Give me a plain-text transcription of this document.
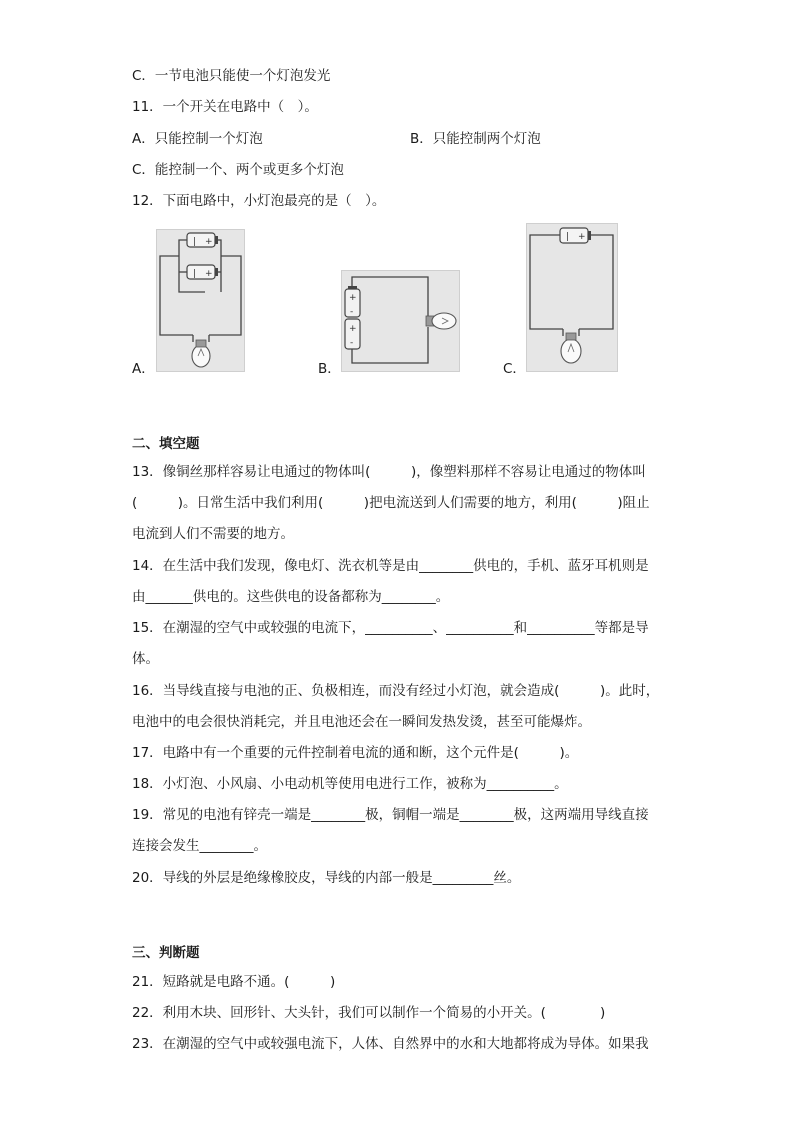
C．一节电池只能使一个灯泡发光
11．一个开关在电路中（　）。
A．只能控制一个灯泡	B．只能控制两个灯泡
C．能控制一个、两个或更多个灯泡
12．下面电路中，小灯泡最亮的是（　）。
A．
| +
| +
B．
+
-
+
-
C．
| +
二、填空题
13．像铜丝那样容易让电通过的物体叫(　　　)，像塑料那样不容易让电通过的物体叫
(　　　)。日常生活中我们利用(　　　)把电流送到人们需要的地方，利用(　　　)阻止
电流到人们不需要的地方。
14．在生活中我们发现，像电灯、洗衣机等是由________供电的，手机、蓝牙耳机则是
由_______供电的。这些供电的设备都称为________。
15．在潮湿的空气中或较强的电流下，__________、__________和__________等都是导
体。
16．当导线直接与电池的正、负极相连，而没有经过小灯泡，就会造成(　　　)。此时，
电池中的电会很快消耗完，并且电池还会在一瞬间发热发烫，甚至可能爆炸。
17．电路中有一个重要的元件控制着电流的通和断，这个元件是(　　　)。
18．小灯泡、小风扇、小电动机等使用电进行工作，被称为__________。
19．常见的电池有锌壳一端是________极，铜帽一端是________极，这两端用导线直接
连接会发生________。
20．导线的外层是绝缘橡胶皮，导线的内部一般是_________丝。
三、判断题
21．短路就是电路不通。(　　　)
22．利用木块、回形针、大头针，我们可以制作一个简易的小开关。(　　　　)
23．在潮湿的空气中或较强电流下，人体、自然界中的水和大地都将成为导体。如果我
